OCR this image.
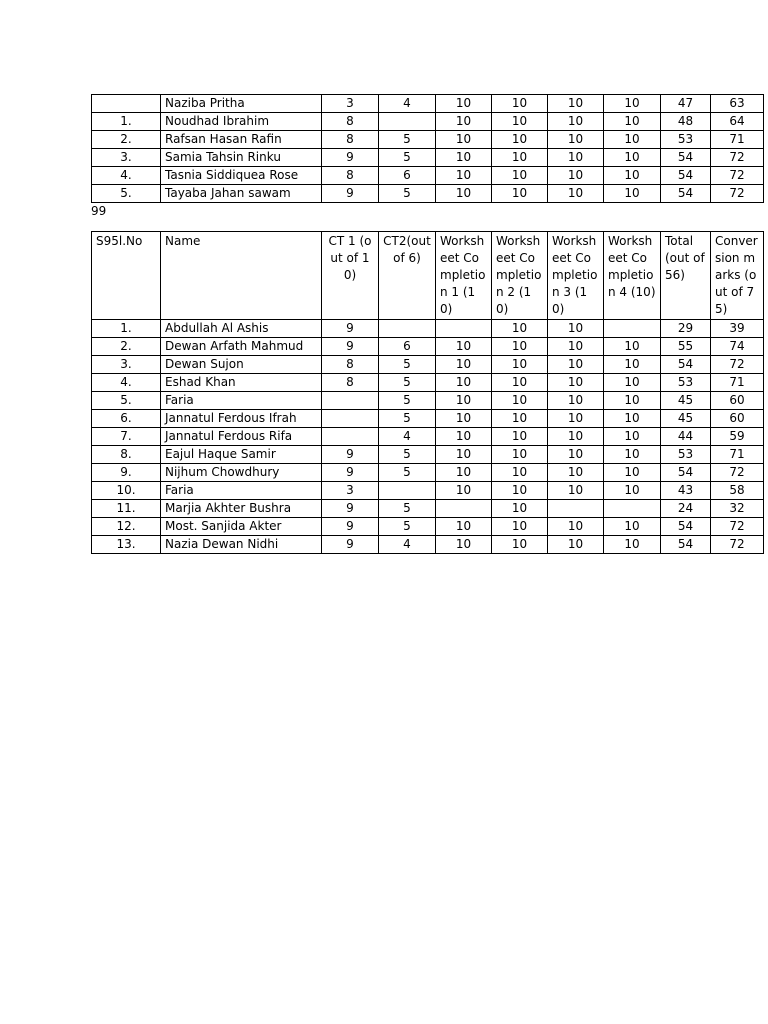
	Naziba Pritha	3	4	10	10	10	10	47	63
1.	Noudhad Ibrahim	8		10	10	10	10	48	64
2.	Rafsan Hasan Rafin	8	5	10	10	10	10	53	71
3.	Samia Tahsin Rinku	9	5	10	10	10	10	54	72
4.	Tasnia Siddiquea Rose	8	6	10	10	10	10	54	72
5.	Tayaba Jahan sawam	9	5	10	10	10	10	54	72
99
S95l.No	Name	CT 1 (out of 10)	CT2(out of 6)	Worksheet Completion 1 (10)	Worksheet Completion 2 (10)	Worksheet Completion 3 (10)	Worksheet Completion 4 (10)	Total (out of 56)	Conversion marks (out of 75)
1.	Abdullah Al Ashis	9			10	10		29	39
2.	Dewan Arfath Mahmud	9	6	10	10	10	10	55	74
3.	Dewan Sujon	8	5	10	10	10	10	54	72
4.	Eshad Khan	8	5	10	10	10	10	53	71
5.	Faria		5	10	10	10	10	45	60
6.	Jannatul Ferdous Ifrah		5	10	10	10	10	45	60
7.	Jannatul Ferdous Rifa		4	10	10	10	10	44	59
8.	Eajul Haque Samir	9	5	10	10	10	10	53	71
9.	Nijhum Chowdhury	9	5	10	10	10	10	54	72
10.	Faria	3		10	10	10	10	43	58
11.	Marjia Akhter Bushra	9	5		10			24	32
12.	Most. Sanjida Akter	9	5	10	10	10	10	54	72
13.	Nazia Dewan Nidhi	9	4	10	10	10	10	54	72
